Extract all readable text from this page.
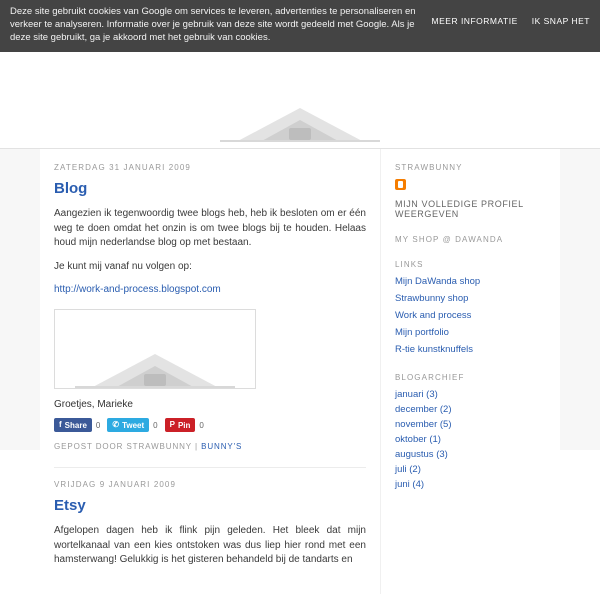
Deze site gebruikt cookies van Google om services te leveren, advertenties te personaliseren en verkeer te analyseren. Informatie over je gebruik van deze site wordt gedeeld met Google. Als je deze site gebruikt, ga je akkoord met het gebruik van cookies.
MEER INFORMATIE IK SNAP HET
ZATERDAG 31 JANUARI 2009
Blog

Aangezien ik tegenwoordig twee blogs heb, heb ik besloten om er één weg te doen omdat het onzin is om twee blogs bij te houden. Helaas houd mijn nederlandse blog op met bestaan.

Je kunt mij vanaf nu volgen op:

http://work-and-process.blogspot.com
Groetjes, Marieke
f Share	0	✆ Tweet	0	P Pin	0
GEPOST DOOR STRAWBUNNY | BUNNY'S
VRIJDAG 9 JANUARI 2009
Etsy

Afgelopen dagen heb ik flink pijn geleden. Het bleek dat mijn wortelkanaal van een kies ontstoken was dus liep hier rond met een hamsterwang! Gelukkig is het gisteren behandeld bij de tandarts en

STRAWBUNNY
MIJN VOLLEDIGE PROFIEL WEERGEVEN
MY SHOP @ DAWANDA
LINKS
Mijn DaWanda shop
Strawbunny shop
Work and process
Mijn portfolio
R-tie kunstknuffels
BLOGARCHIEF
januari (3)
december (2)
november (5)
oktober (1)
augustus (3)
juli (2)
juni (4)
